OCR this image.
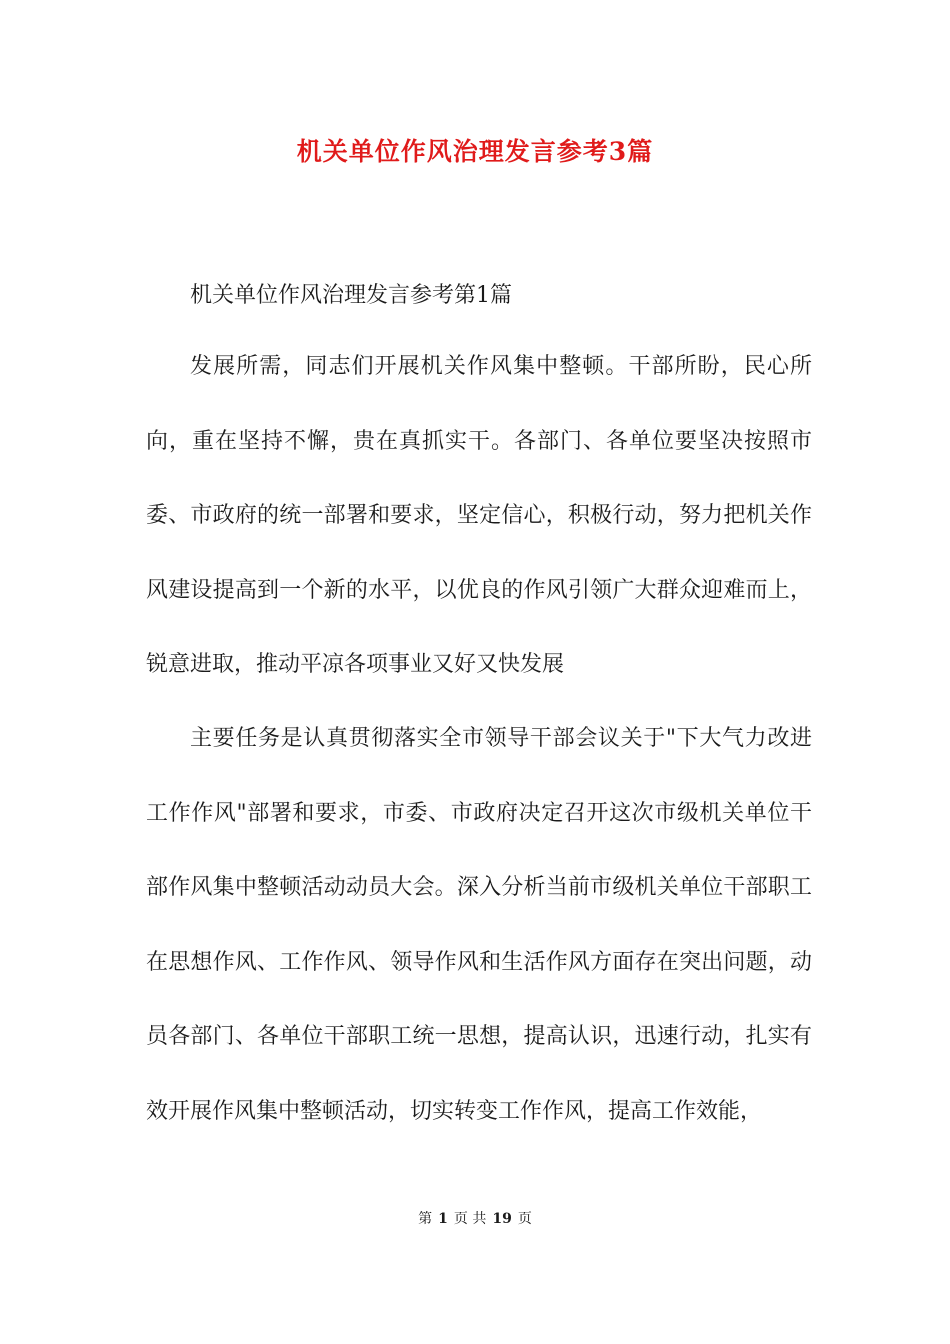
机关单位作风治理发言参考3篇
机关单位作风治理发言参考第1篇

发展所需，同志们开展机关作风集中整顿。干部所盼，民心所向，重在坚持不懈，贵在真抓实干。各部门、各单位要坚决按照市委、市政府的统一部署和要求，坚定信心，积极行动，努力把机关作风建设提高到一个新的水平，以优良的作风引领广大群众迎难而上，锐意进取，推动平凉各项事业又好又快发展

主要任务是认真贯彻落实全市领导干部会议关于"下大气力改进工作作风"部署和要求，市委、市政府决定召开这次市级机关单位干部作风集中整顿活动动员大会。深入分析当前市级机关单位干部职工在思想作风、工作作风、领导作风和生活作风方面存在突出问题，动员各部门、各单位干部职工统一思想，提高认识，迅速行动，扎实有效开展作风集中整顿活动，切实转变工作作风，提高工作效能，

第 1 页 共 19 页
